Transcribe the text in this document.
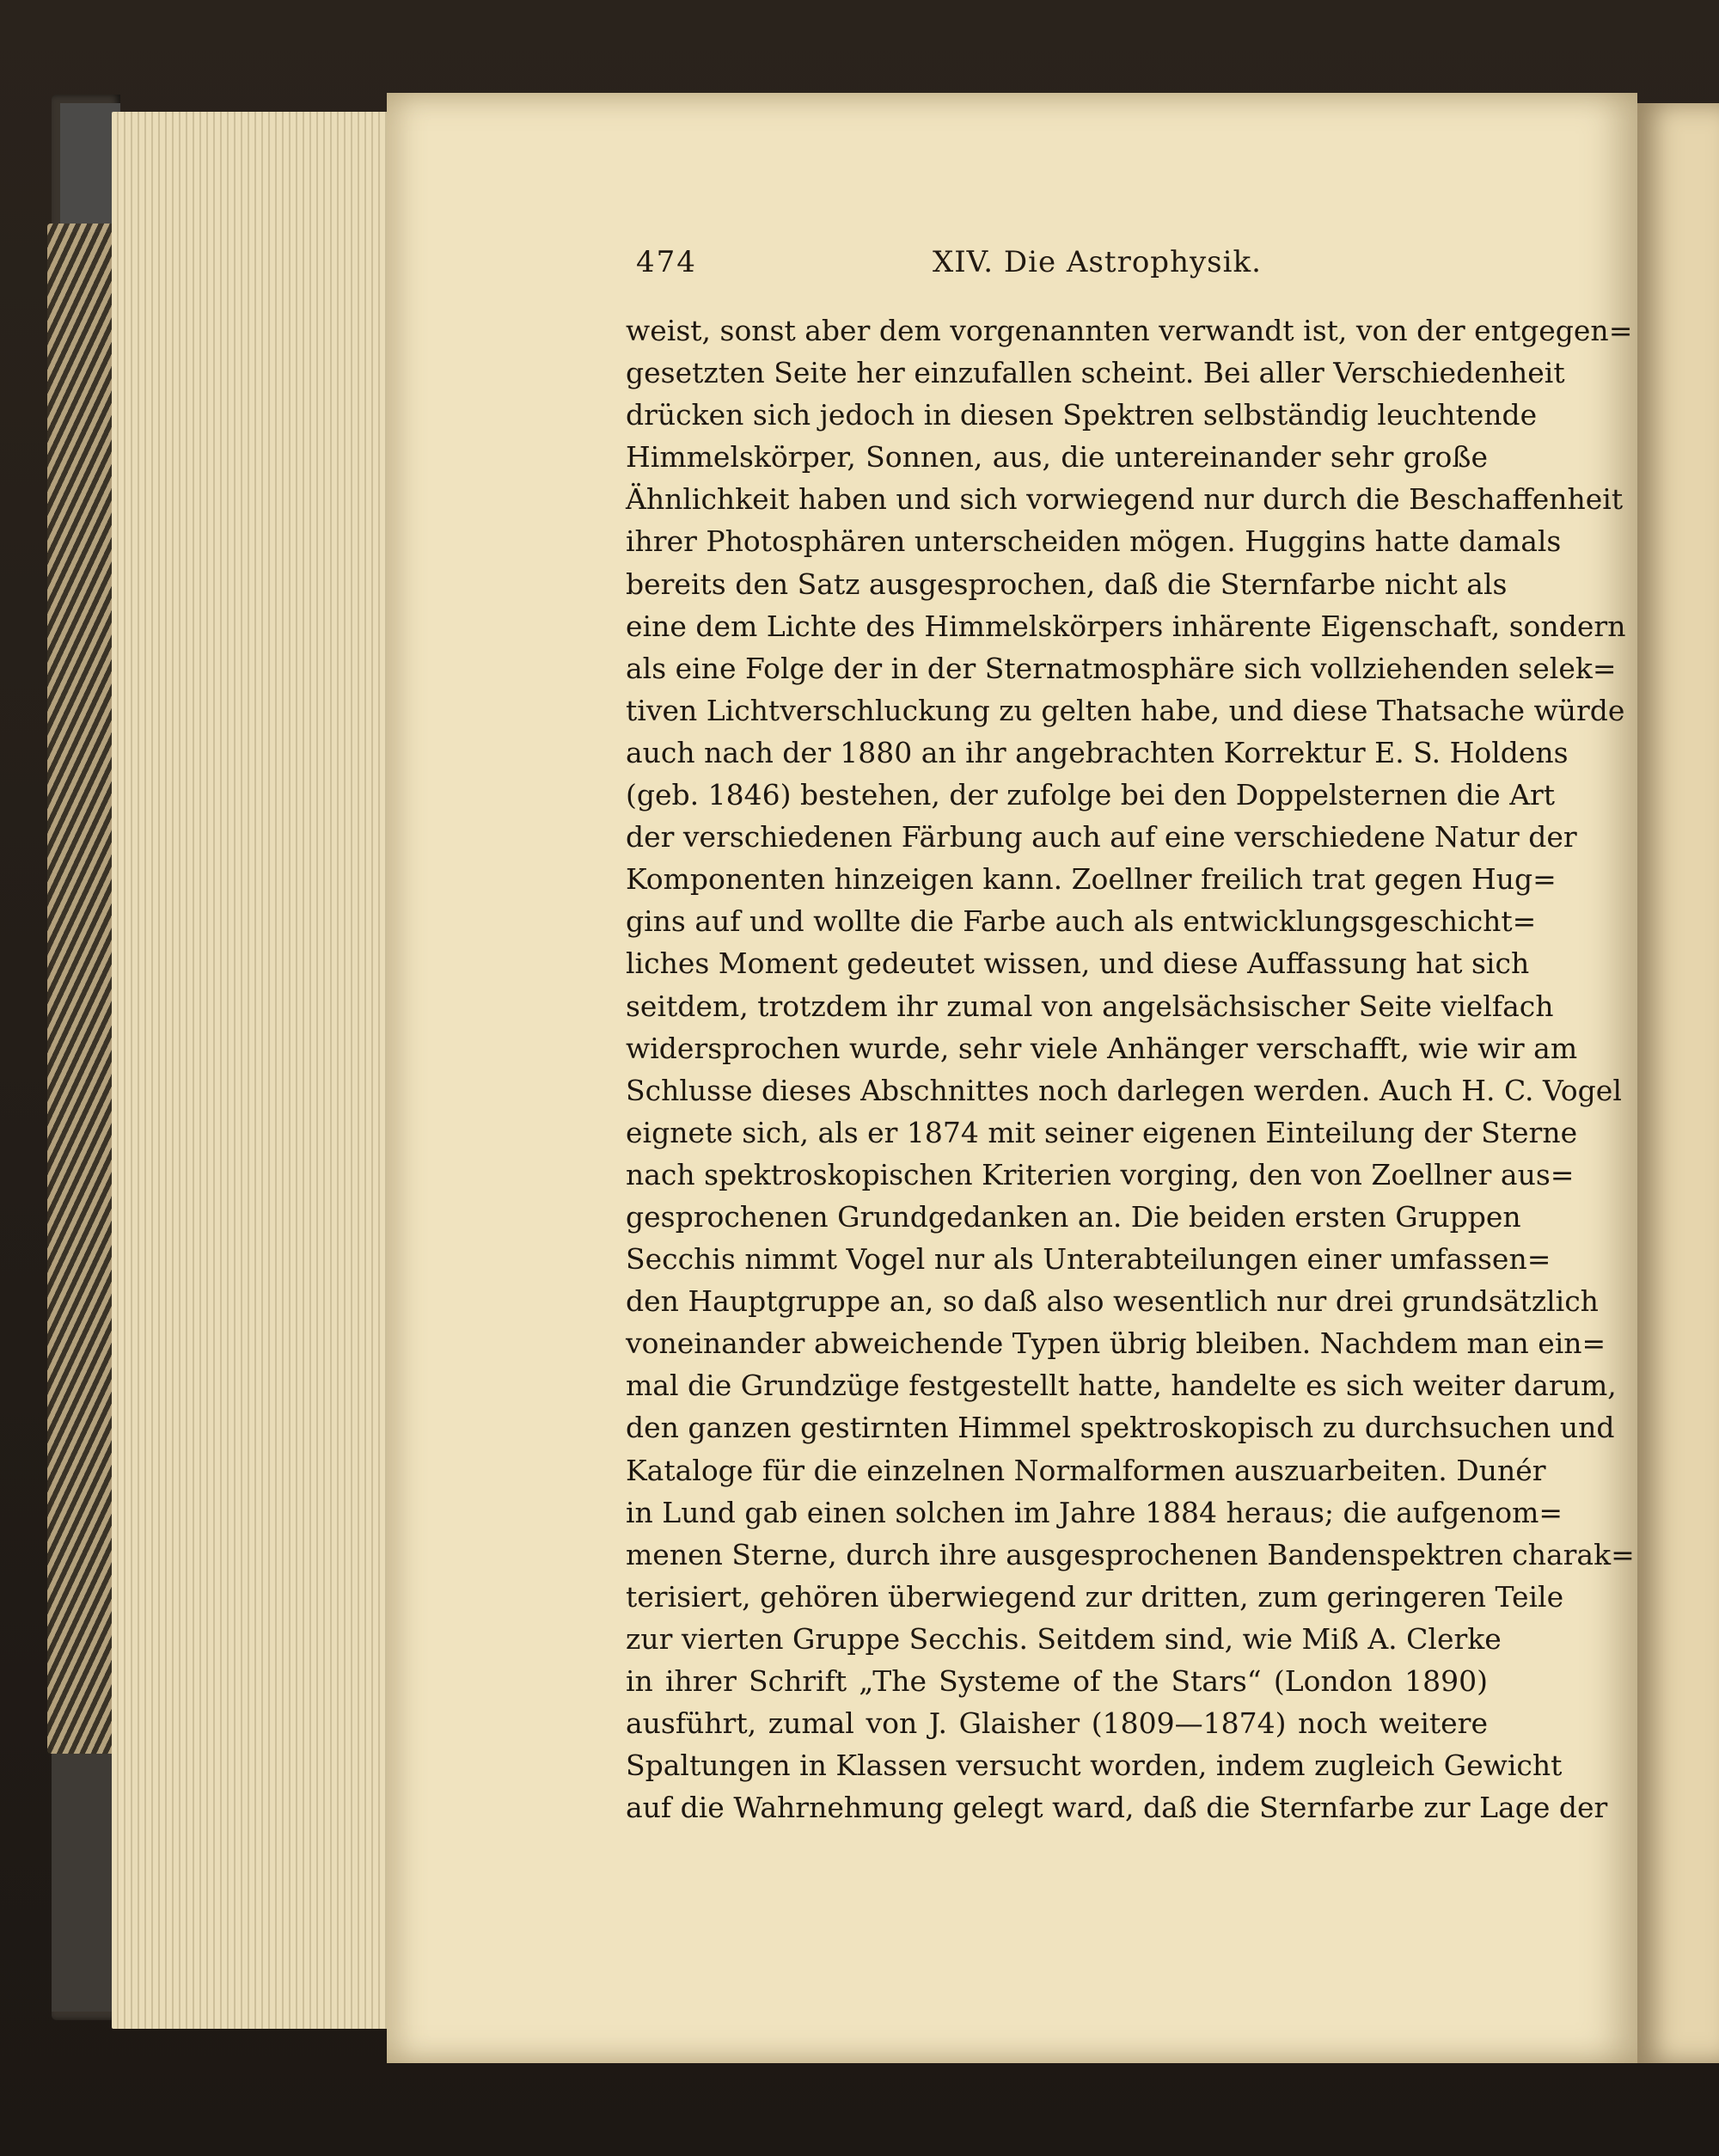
474	XIV. Die Astrophysik.
weist, sonst aber dem vorgenannten verwandt ist, von der entgegen=
gesetzten Seite her einzufallen scheint. Bei aller Verschiedenheit
drücken sich jedoch in diesen Spektren selbständig leuchtende
Himmelskörper, Sonnen, aus, die untereinander sehr große
Ähnlichkeit haben und sich vorwiegend nur durch die Beschaffenheit
ihrer Photosphären unterscheiden mögen. Huggins hatte damals
bereits den Satz ausgesprochen, daß die Sternfarbe nicht als
eine dem Lichte des Himmelskörpers inhärente Eigenschaft, sondern
als eine Folge der in der Sternatmosphäre sich vollziehenden selek=
tiven Lichtverschluckung zu gelten habe, und diese Thatsache würde
auch nach der 1880 an ihr angebrachten Korrektur E. S. Holdens
(geb. 1846) bestehen, der zufolge bei den Doppelsternen die Art
der verschiedenen Färbung auch auf eine verschiedene Natur der
Komponenten hinzeigen kann. Zoellner freilich trat gegen Hug=
gins auf und wollte die Farbe auch als entwicklungsgeschicht=
liches Moment gedeutet wissen, und diese Auffassung hat sich
seitdem, trotzdem ihr zumal von angelsächsischer Seite vielfach
widersprochen wurde, sehr viele Anhänger verschafft, wie wir am
Schlusse dieses Abschnittes noch darlegen werden. Auch H. C. Vogel
eignete sich, als er 1874 mit seiner eigenen Einteilung der Sterne
nach spektroskopischen Kriterien vorging, den von Zoellner aus=
gesprochenen Grundgedanken an. Die beiden ersten Gruppen
Secchis nimmt Vogel nur als Unterabteilungen einer umfassen=
den Hauptgruppe an, so daß also wesentlich nur drei grundsätzlich
voneinander abweichende Typen übrig bleiben. Nachdem man ein=
mal die Grundzüge festgestellt hatte, handelte es sich weiter darum,
den ganzen gestirnten Himmel spektroskopisch zu durchsuchen und
Kataloge für die einzelnen Normalformen auszuarbeiten. Dunér
in Lund gab einen solchen im Jahre 1884 heraus; die aufgenom=
menen Sterne, durch ihre ausgesprochenen Bandenspektren charak=
terisiert, gehören überwiegend zur dritten, zum geringeren Teile
zur vierten Gruppe Secchis. Seitdem sind, wie Miß A. Clerke
in ihrer Schrift „The Systeme of the Stars“ (London 1890)
ausführt, zumal von J. Glaisher (1809—1874) noch weitere
Spaltungen in Klassen versucht worden, indem zugleich Gewicht
auf die Wahrnehmung gelegt ward, daß die Sternfarbe zur Lage der
